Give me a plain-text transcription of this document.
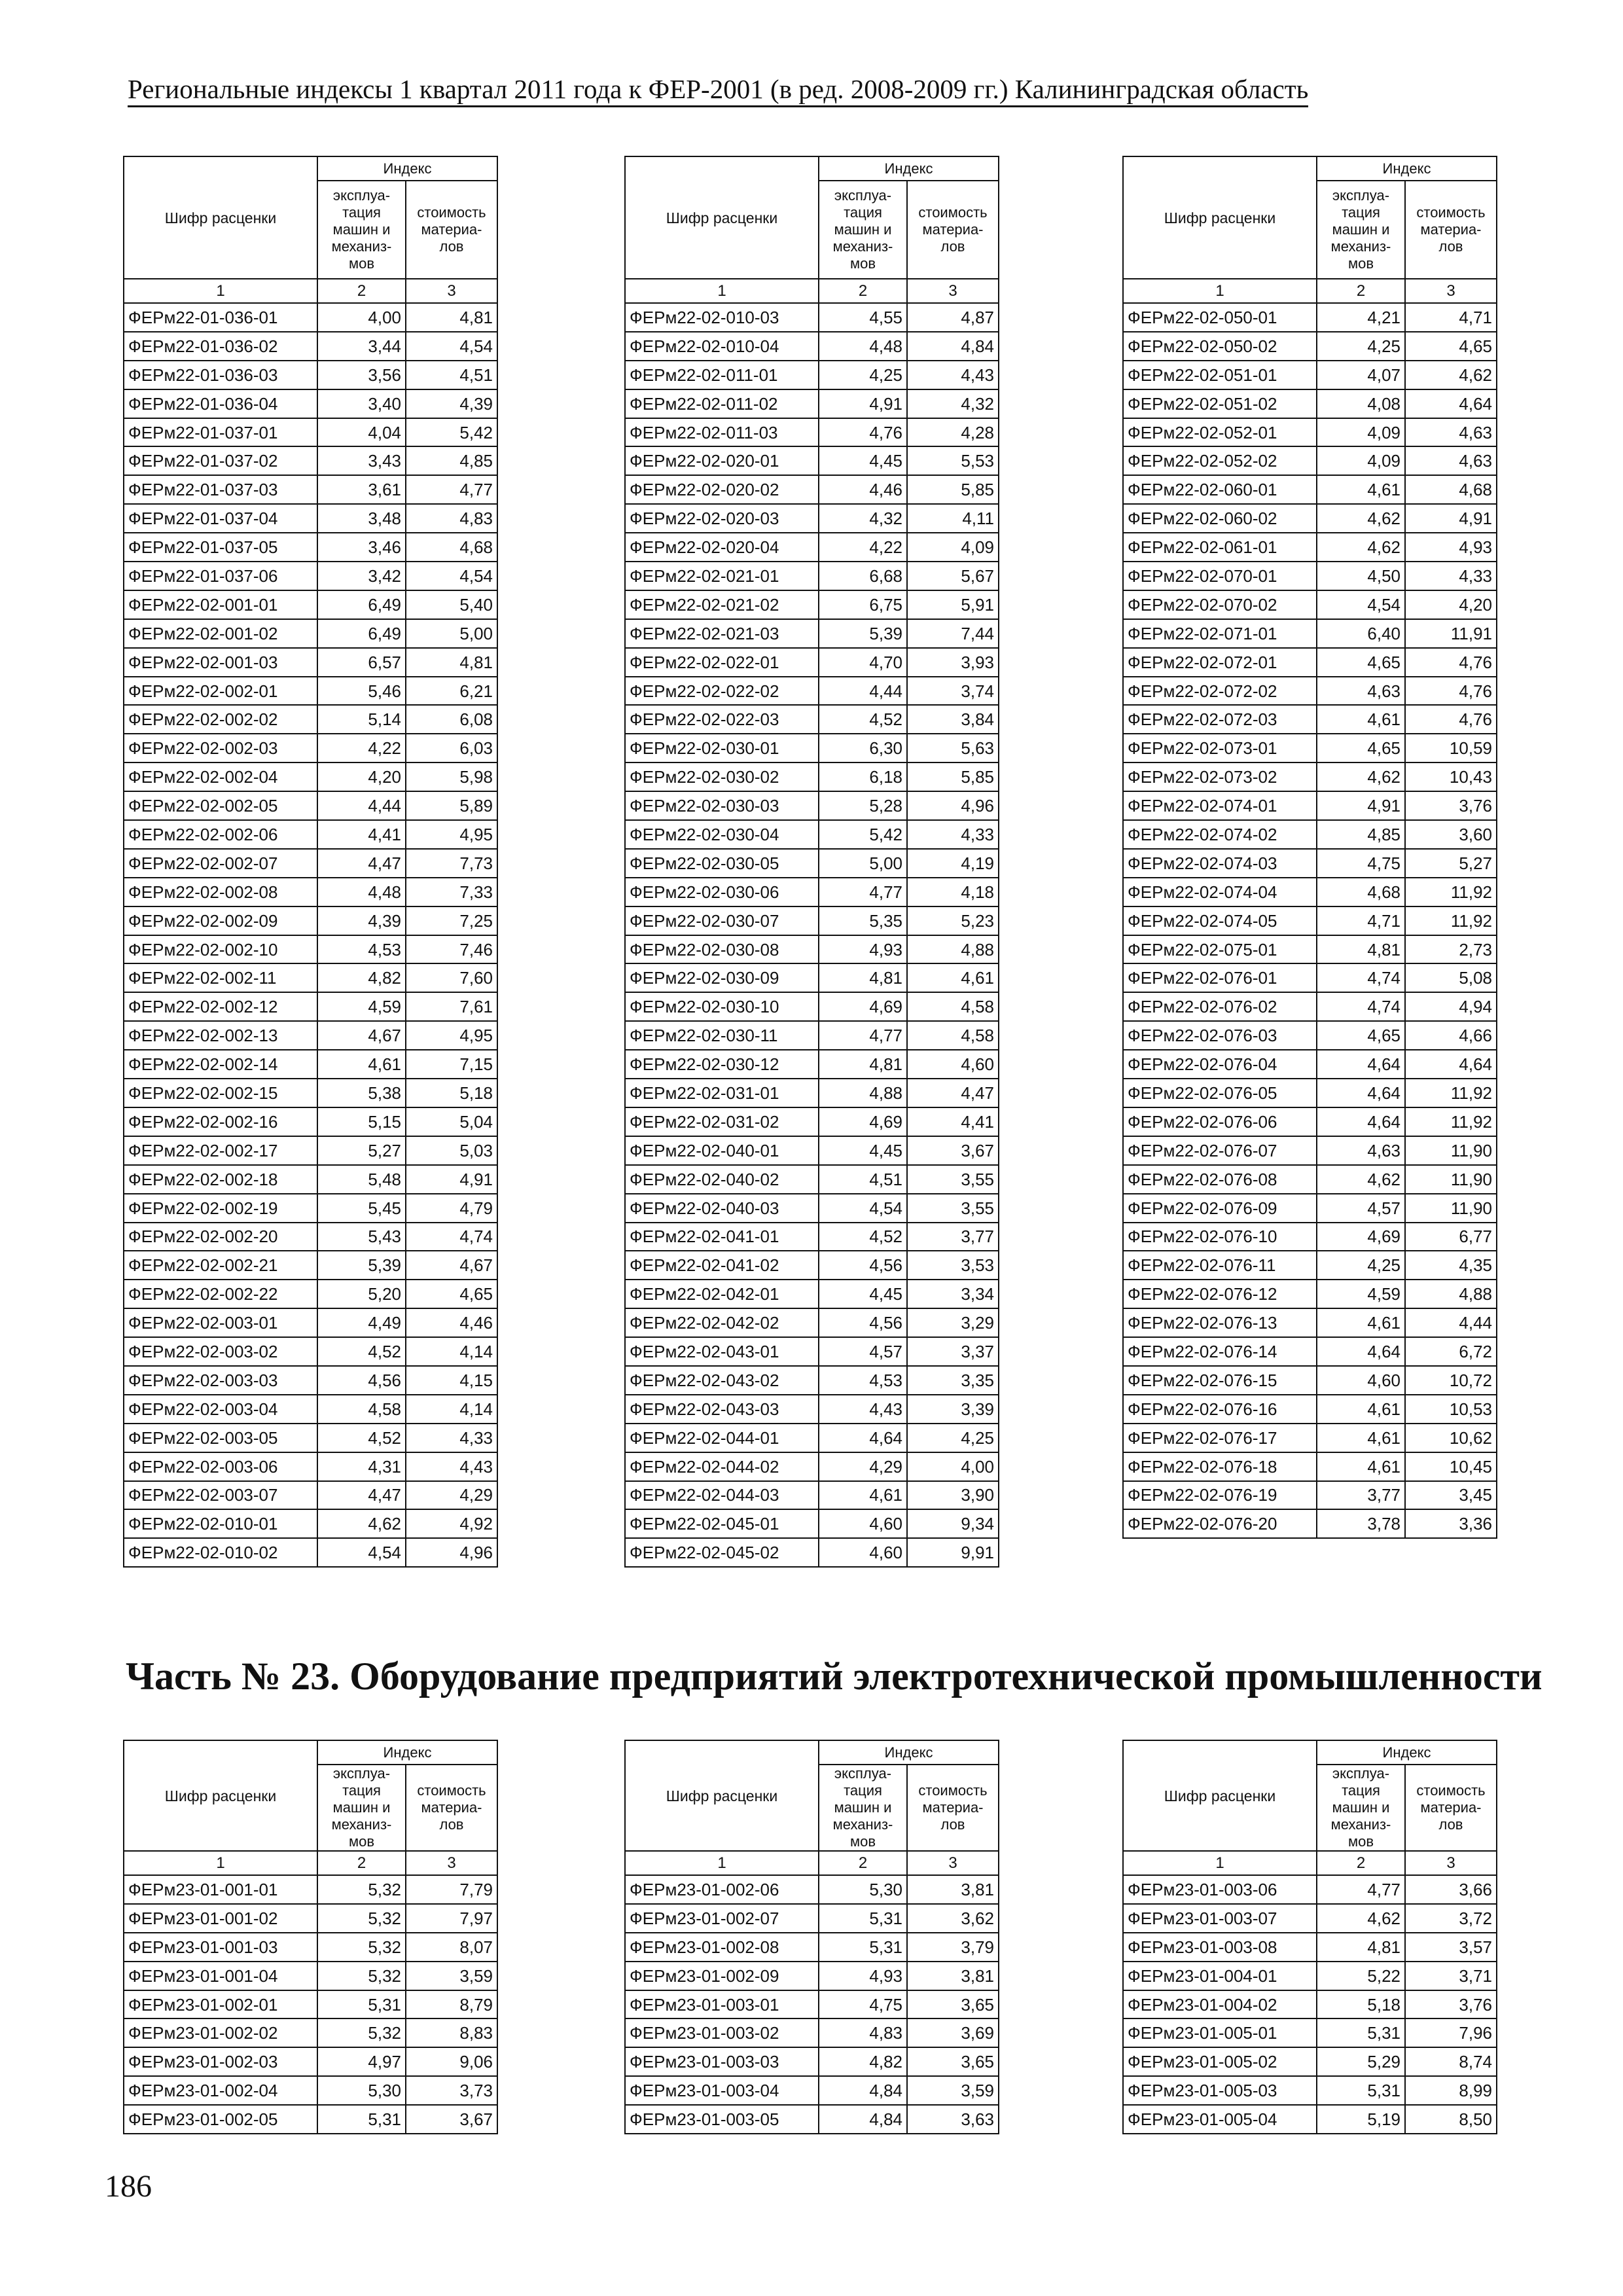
Региональные индексы 1 квартал 2011 года к ФЕР-2001 (в ред. 2008-2009 гг.) Калининградская область
Шифр расценки	Индекс	
	эксплуа-тация машин и механиз-мов	стоимость материа-лов
1	2	3
ФЕРм22-01-036-01	4,00	4,81
ФЕРм22-01-036-02	3,44	4,54
ФЕРм22-01-036-03	3,56	4,51
ФЕРм22-01-036-04	3,40	4,39
ФЕРм22-01-037-01	4,04	5,42
ФЕРм22-01-037-02	3,43	4,85
ФЕРм22-01-037-03	3,61	4,77
ФЕРм22-01-037-04	3,48	4,83
ФЕРм22-01-037-05	3,46	4,68
ФЕРм22-01-037-06	3,42	4,54
ФЕРм22-02-001-01	6,49	5,40
ФЕРм22-02-001-02	6,49	5,00
ФЕРм22-02-001-03	6,57	4,81
ФЕРм22-02-002-01	5,46	6,21
ФЕРм22-02-002-02	5,14	6,08
ФЕРм22-02-002-03	4,22	6,03
ФЕРм22-02-002-04	4,20	5,98
ФЕРм22-02-002-05	4,44	5,89
ФЕРм22-02-002-06	4,41	4,95
ФЕРм22-02-002-07	4,47	7,73
ФЕРм22-02-002-08	4,48	7,33
ФЕРм22-02-002-09	4,39	7,25
ФЕРм22-02-002-10	4,53	7,46
ФЕРм22-02-002-11	4,82	7,60
ФЕРм22-02-002-12	4,59	7,61
ФЕРм22-02-002-13	4,67	4,95
ФЕРм22-02-002-14	4,61	7,15
ФЕРм22-02-002-15	5,38	5,18
ФЕРм22-02-002-16	5,15	5,04
ФЕРм22-02-002-17	5,27	5,03
ФЕРм22-02-002-18	5,48	4,91
ФЕРм22-02-002-19	5,45	4,79
ФЕРм22-02-002-20	5,43	4,74
ФЕРм22-02-002-21	5,39	4,67
ФЕРм22-02-002-22	5,20	4,65
ФЕРм22-02-003-01	4,49	4,46
ФЕРм22-02-003-02	4,52	4,14
ФЕРм22-02-003-03	4,56	4,15
ФЕРм22-02-003-04	4,58	4,14
ФЕРм22-02-003-05	4,52	4,33
ФЕРм22-02-003-06	4,31	4,43
ФЕРм22-02-003-07	4,47	4,29
ФЕРм22-02-010-01	4,62	4,92
ФЕРм22-02-010-02	4,54	4,96
Шифр расценки	Индекс	
	эксплуа-тация машин и механиз-мов	стоимость материа-лов
1	2	3
ФЕРм22-02-010-03	4,55	4,87
ФЕРм22-02-010-04	4,48	4,84
ФЕРм22-02-011-01	4,25	4,43
ФЕРм22-02-011-02	4,91	4,32
ФЕРм22-02-011-03	4,76	4,28
ФЕРм22-02-020-01	4,45	5,53
ФЕРм22-02-020-02	4,46	5,85
ФЕРм22-02-020-03	4,32	4,11
ФЕРм22-02-020-04	4,22	4,09
ФЕРм22-02-021-01	6,68	5,67
ФЕРм22-02-021-02	6,75	5,91
ФЕРм22-02-021-03	5,39	7,44
ФЕРм22-02-022-01	4,70	3,93
ФЕРм22-02-022-02	4,44	3,74
ФЕРм22-02-022-03	4,52	3,84
ФЕРм22-02-030-01	6,30	5,63
ФЕРм22-02-030-02	6,18	5,85
ФЕРм22-02-030-03	5,28	4,96
ФЕРм22-02-030-04	5,42	4,33
ФЕРм22-02-030-05	5,00	4,19
ФЕРм22-02-030-06	4,77	4,18
ФЕРм22-02-030-07	5,35	5,23
ФЕРм22-02-030-08	4,93	4,88
ФЕРм22-02-030-09	4,81	4,61
ФЕРм22-02-030-10	4,69	4,58
ФЕРм22-02-030-11	4,77	4,58
ФЕРм22-02-030-12	4,81	4,60
ФЕРм22-02-031-01	4,88	4,47
ФЕРм22-02-031-02	4,69	4,41
ФЕРм22-02-040-01	4,45	3,67
ФЕРм22-02-040-02	4,51	3,55
ФЕРм22-02-040-03	4,54	3,55
ФЕРм22-02-041-01	4,52	3,77
ФЕРм22-02-041-02	4,56	3,53
ФЕРм22-02-042-01	4,45	3,34
ФЕРм22-02-042-02	4,56	3,29
ФЕРм22-02-043-01	4,57	3,37
ФЕРм22-02-043-02	4,53	3,35
ФЕРм22-02-043-03	4,43	3,39
ФЕРм22-02-044-01	4,64	4,25
ФЕРм22-02-044-02	4,29	4,00
ФЕРм22-02-044-03	4,61	3,90
ФЕРм22-02-045-01	4,60	9,34
ФЕРм22-02-045-02	4,60	9,91
Шифр расценки	Индекс	
	эксплуа-тация машин и механиз-мов	стоимость материа-лов
1	2	3
ФЕРм22-02-050-01	4,21	4,71
ФЕРм22-02-050-02	4,25	4,65
ФЕРм22-02-051-01	4,07	4,62
ФЕРм22-02-051-02	4,08	4,64
ФЕРм22-02-052-01	4,09	4,63
ФЕРм22-02-052-02	4,09	4,63
ФЕРм22-02-060-01	4,61	4,68
ФЕРм22-02-060-02	4,62	4,91
ФЕРм22-02-061-01	4,62	4,93
ФЕРм22-02-070-01	4,50	4,33
ФЕРм22-02-070-02	4,54	4,20
ФЕРм22-02-071-01	6,40	11,91
ФЕРм22-02-072-01	4,65	4,76
ФЕРм22-02-072-02	4,63	4,76
ФЕРм22-02-072-03	4,61	4,76
ФЕРм22-02-073-01	4,65	10,59
ФЕРм22-02-073-02	4,62	10,43
ФЕРм22-02-074-01	4,91	3,76
ФЕРм22-02-074-02	4,85	3,60
ФЕРм22-02-074-03	4,75	5,27
ФЕРм22-02-074-04	4,68	11,92
ФЕРм22-02-074-05	4,71	11,92
ФЕРм22-02-075-01	4,81	2,73
ФЕРм22-02-076-01	4,74	5,08
ФЕРм22-02-076-02	4,74	4,94
ФЕРм22-02-076-03	4,65	4,66
ФЕРм22-02-076-04	4,64	4,64
ФЕРм22-02-076-05	4,64	11,92
ФЕРм22-02-076-06	4,64	11,92
ФЕРм22-02-076-07	4,63	11,90
ФЕРм22-02-076-08	4,62	11,90
ФЕРм22-02-076-09	4,57	11,90
ФЕРм22-02-076-10	4,69	6,77
ФЕРм22-02-076-11	4,25	4,35
ФЕРм22-02-076-12	4,59	4,88
ФЕРм22-02-076-13	4,61	4,44
ФЕРм22-02-076-14	4,64	6,72
ФЕРм22-02-076-15	4,60	10,72
ФЕРм22-02-076-16	4,61	10,53
ФЕРм22-02-076-17	4,61	10,62
ФЕРм22-02-076-18	4,61	10,45
ФЕРм22-02-076-19	3,77	3,45
ФЕРм22-02-076-20	3,78	3,36
Часть № 23. Оборудование предприятий электротехнической промышленности
Шифр расценки	Индекс	
	эксплуа-тация машин и механиз-мов	стоимость материа-лов
1	2	3
ФЕРм23-01-001-01	5,32	7,79
ФЕРм23-01-001-02	5,32	7,97
ФЕРм23-01-001-03	5,32	8,07
ФЕРм23-01-001-04	5,32	3,59
ФЕРм23-01-002-01	5,31	8,79
ФЕРм23-01-002-02	5,32	8,83
ФЕРм23-01-002-03	4,97	9,06
ФЕРм23-01-002-04	5,30	3,73
ФЕРм23-01-002-05	5,31	3,67
Шифр расценки	Индекс	
	эксплуа-тация машин и механиз-мов	стоимость материа-лов
1	2	3
ФЕРм23-01-002-06	5,30	3,81
ФЕРм23-01-002-07	5,31	3,62
ФЕРм23-01-002-08	5,31	3,79
ФЕРм23-01-002-09	4,93	3,81
ФЕРм23-01-003-01	4,75	3,65
ФЕРм23-01-003-02	4,83	3,69
ФЕРм23-01-003-03	4,82	3,65
ФЕРм23-01-003-04	4,84	3,59
ФЕРм23-01-003-05	4,84	3,63
Шифр расценки	Индекс	
	эксплуа-тация машин и механиз-мов	стоимость материа-лов
1	2	3
ФЕРм23-01-003-06	4,77	3,66
ФЕРм23-01-003-07	4,62	3,72
ФЕРм23-01-003-08	4,81	3,57
ФЕРм23-01-004-01	5,22	3,71
ФЕРм23-01-004-02	5,18	3,76
ФЕРм23-01-005-01	5,31	7,96
ФЕРм23-01-005-02	5,29	8,74
ФЕРм23-01-005-03	5,31	8,99
ФЕРм23-01-005-04	5,19	8,50
186
